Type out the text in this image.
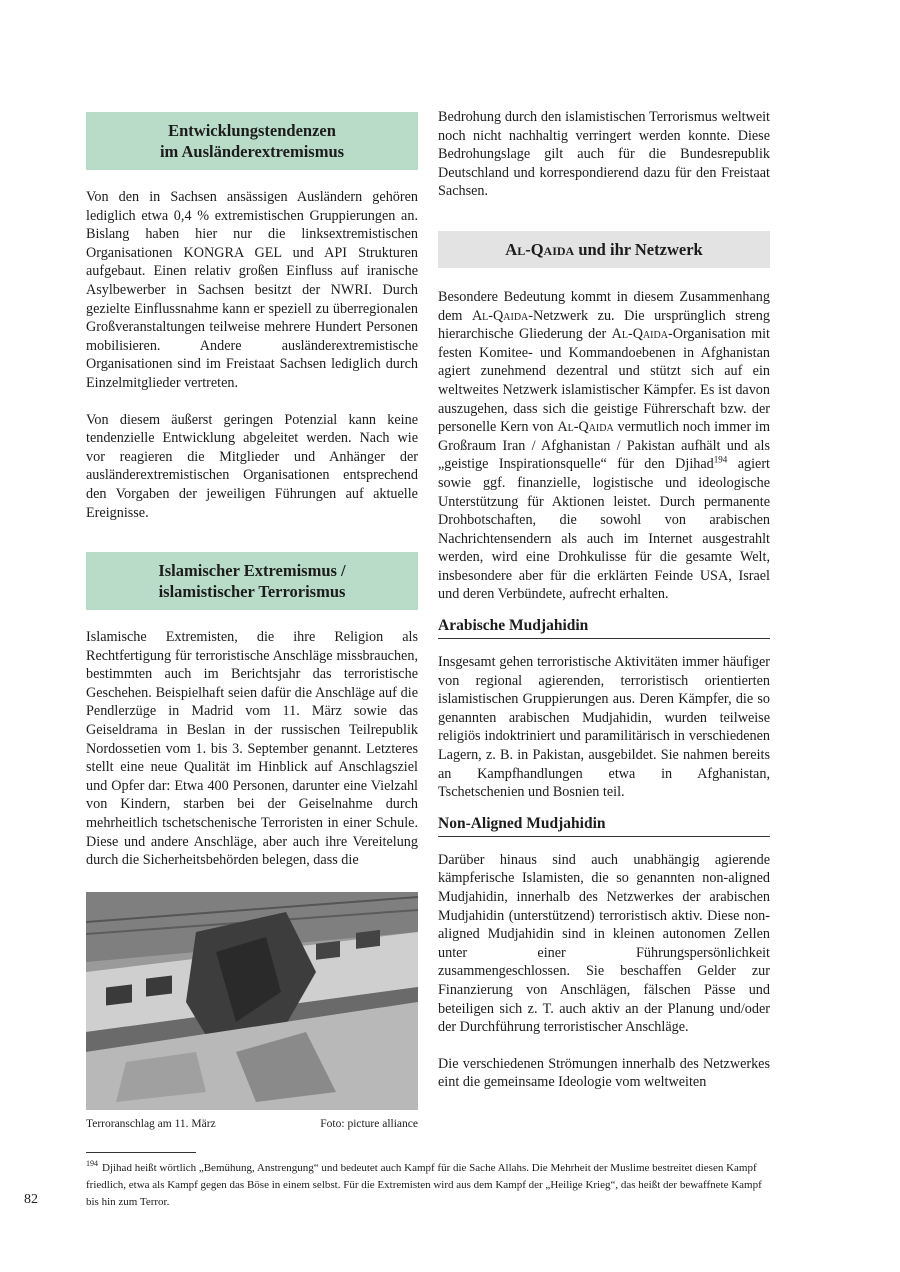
Entwicklungstendenzen
im Ausländerextremismus

Von den in Sachsen ansässigen Ausländern gehören lediglich etwa 0,4 % extremistischen Gruppierungen an. Bislang haben hier nur die linksextremistischen Organisationen KONGRA GEL und API Strukturen aufgebaut. Einen relativ großen Einfluss auf iranische Asylbewerber in Sachsen besitzt der NWRI. Durch gezielte Einflussnahme kann er speziell zu überregionalen Großveranstaltungen teilweise mehrere Hundert Personen mobilisieren. Andere ausländerextremistische Organisationen sind im Freistaat Sachsen lediglich durch Einzelmitglieder vertreten.

Von diesem äußerst geringen Potenzial kann keine tendenzielle Entwicklung abgeleitet werden. Nach wie vor reagieren die Mitglieder und Anhänger der ausländerextremistischen Organisationen entsprechend den Vorgaben der jeweiligen Führungen auf aktuelle Ereignisse.

Islamischer Extremismus /
islamistischer Terrorismus

Islamische Extremisten, die ihre Religion als Rechtfertigung für terroristische Anschläge missbrauchen, bestimmten auch im Berichtsjahr das terroristische Geschehen. Beispielhaft seien dafür die Anschläge auf die Pendlerzüge in Madrid vom 11. März sowie das Geiseldrama in Beslan in der russischen Teilrepublik Nordossetien vom 1. bis 3. September genannt. Letzteres stellt eine neue Qualität im Hinblick auf Anschlagsziel und Opfer dar: Etwa 400 Personen, darunter eine Vielzahl von Kindern, starben bei der Geiselnahme durch mehrheitlich tschetschenische Terroristen in einer Schule. Diese und andere Anschläge, aber auch ihre Vereitelung durch die Sicherheitsbehörden belegen, dass die

Terroranschlag am 11. März	Foto: picture alliance

Bedrohung durch den islamistischen Terrorismus weltweit noch nicht nachhaltig verringert werden konnte. Diese Bedrohungslage gilt auch für die Bundesrepublik Deutschland und korrespondierend dazu für den Freistaat Sachsen.

Al-Qaida und ihr Netzwerk

Besondere Bedeutung kommt in diesem Zusammenhang dem Al-Qaida-Netzwerk zu. Die ursprünglich streng hierarchische Gliederung der Al-Qaida-Organisation mit festen Komitee- und Kommandoebenen in Afghanistan agiert zunehmend dezentral und stützt sich auf ein weltweites Netzwerk islamistischer Kämpfer. Es ist davon auszugehen, dass sich die geistige Führerschaft bzw. der personelle Kern von Al-Qaida vermutlich noch immer im Großraum Iran / Afghanistan / Pakistan aufhält und als „geistige Inspirationsquelle“ für den Djihad$^{194}$ agiert sowie ggf. finanzielle, logistische und ideologische Unterstützung für Aktionen leistet. Durch permanente Drohbotschaften, die sowohl von arabischen Nachrichtensendern als auch im Internet ausgestrahlt werden, wird eine Drohkulisse für die gesamte Welt, insbesondere aber für die erklärten Feinde USA, Israel und deren Verbündete, aufrecht erhalten.

Arabische Mudjahidin

Insgesamt gehen terroristische Aktivitäten immer häufiger von regional agierenden, terroristisch orientierten islamistischen Gruppierungen aus. Deren Kämpfer, die so genannten arabischen Mudjahidin, wurden teilweise religiös indoktriniert und paramilitärisch in verschiedenen Lagern, z. B. in Pakistan, ausgebildet. Sie nahmen bereits an Kampfhandlungen etwa in Afghanistan, Tschetschenien und Bosnien teil.

Non-Aligned Mudjahidin

Darüber hinaus sind auch unabhängig agierende kämpferische Islamisten, die so genannten non-aligned Mudjahidin, innerhalb des Netzwerkes der arabischen Mudjahidin (unterstützend) terroristisch aktiv. Diese non-aligned Mudjahidin sind in kleinen autonomen Zellen unter einer Führungspersönlichkeit zusammengeschlossen. Sie beschaffen Gelder zur Finanzierung von Anschlägen, fälschen Pässe und beteiligen sich z. T. auch aktiv an der Planung und/oder der Durchführung terroristischer Anschläge.

Die verschiedenen Strömungen innerhalb des Netzwerkes eint die gemeinsame Ideologie vom weltweiten

$^{194}$ Djihad heißt wörtlich „Bemühung, Anstrengung“ und bedeutet auch Kampf für die Sache Allahs. Die Mehrheit der Muslime bestreitet diesen Kampf friedlich, etwa als Kampf gegen das Böse in einem selbst. Für die Extremisten wird aus dem Kampf der „Heilige Krieg“, das heißt der bewaffnete Kampf bis hin zum Terror.
82
